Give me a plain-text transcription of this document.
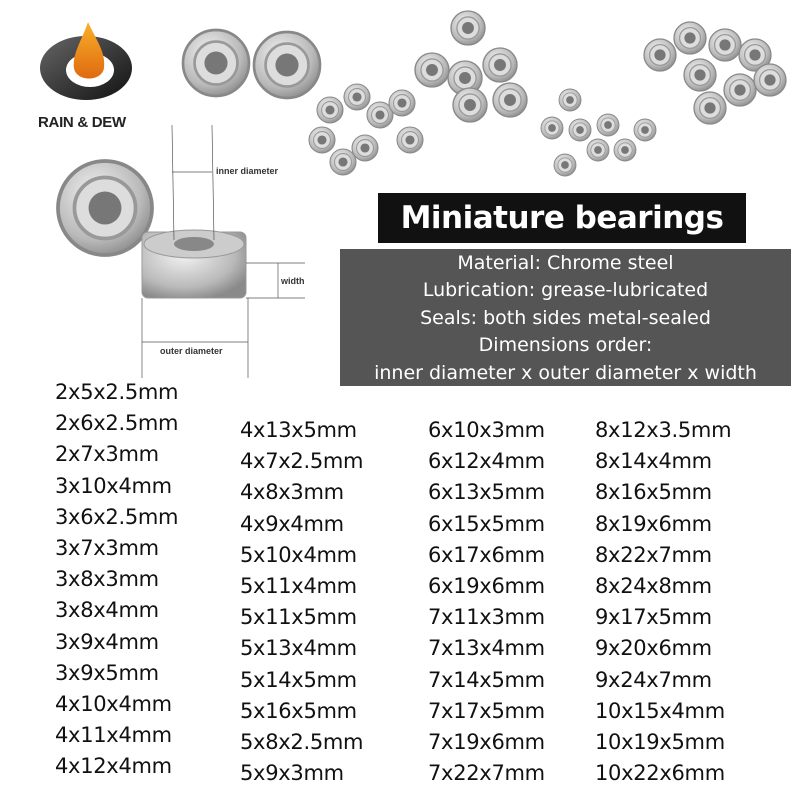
RAIN & DEW
inner diameter
width
outer diameter
Miniature bearings
Material: Chrome steel
Lubrication: grease-lubricated
Seals: both sides metal-sealed
Dimensions order:
inner diameter x outer diameter x width
2x5x2.5mm
2x6x2.5mm
2x7x3mm
3x10x4mm
3x6x2.5mm
3x7x3mm
3x8x3mm
3x8x4mm
3x9x4mm
3x9x5mm
4x10x4mm
4x11x4mm
4x12x4mm
4x13x5mm
4x7x2.5mm
4x8x3mm
4x9x4mm
5x10x4mm
5x11x4mm
5x11x5mm
5x13x4mm
5x14x5mm
5x16x5mm
5x8x2.5mm
5x9x3mm
6x10x3mm
6x12x4mm
6x13x5mm
6x15x5mm
6x17x6mm
6x19x6mm
7x11x3mm
7x13x4mm
7x14x5mm
7x17x5mm
7x19x6mm
7x22x7mm
8x12x3.5mm
8x14x4mm
8x16x5mm
8x19x6mm
8x22x7mm
8x24x8mm
9x17x5mm
9x20x6mm
9x24x7mm
10x15x4mm
10x19x5mm
10x22x6mm
